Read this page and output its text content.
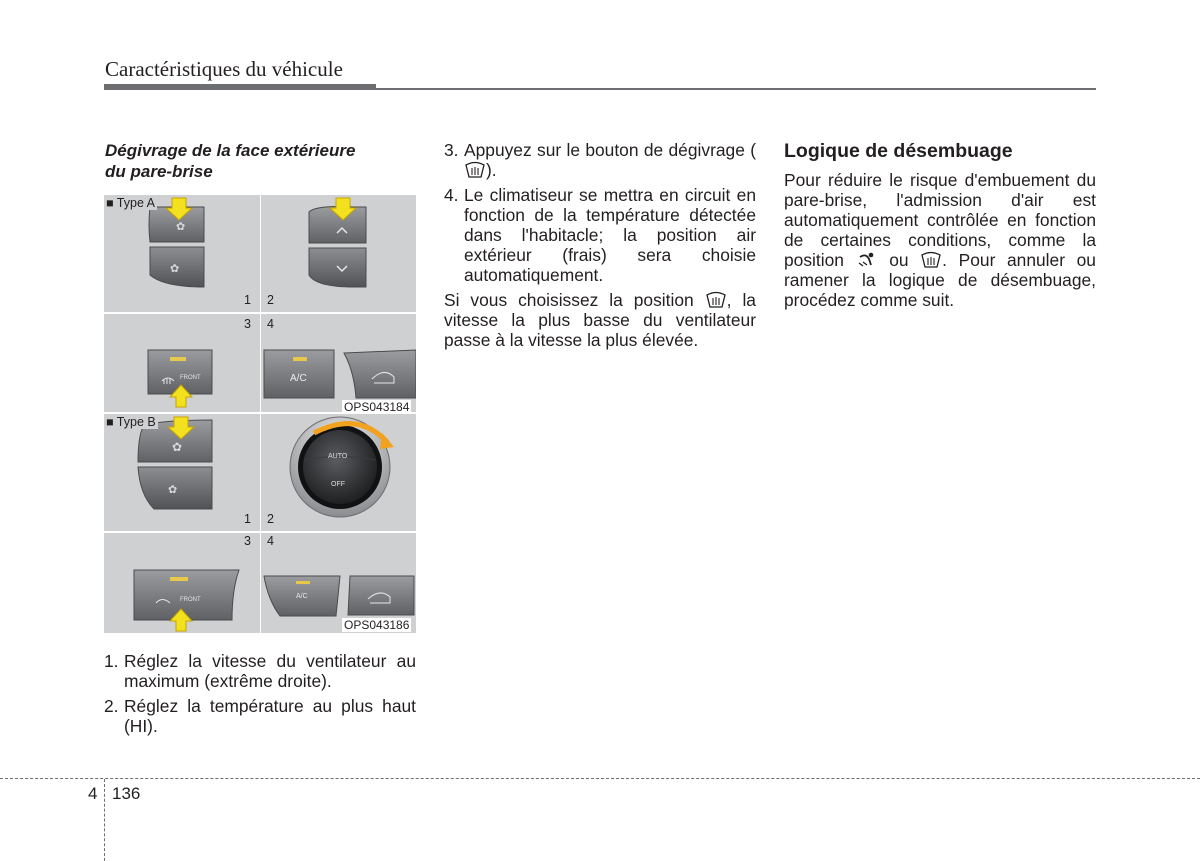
Caractéristiques du véhicule
Dégivrage de la face extérieure
du pare-brise
✿
✿
✿
✿
■ Type A
■ Type B
1 2
3 4
1 2
3 4
FRONT	A/C
AUTO
OFF
FRONT	A/C
OPS043184
OPS043186
1. Réglez la vitesse du ventilateur au maximum (extrême droite).
2. Réglez la température au plus haut (HI).
3. Appuyez sur le bouton de dégivrage ().
4. Le climatiseur se mettra en circuit en fonction de la température détectée dans l'habitacle; la position air extérieur (frais) sera choisie automatiquement.

Si vous choisissez la position , la vitesse la plus basse du ventilateur passe à la vitesse la plus élevée.

Logique de désembuage
Pour réduire le risque d'embuement du pare-brise, l'admission d'air est automatiquement contrôlée en fonction de certaines conditions, comme la position	ou . Pour annuler ou ramener la logique de désembuage, procédez comme suit.
4 136
